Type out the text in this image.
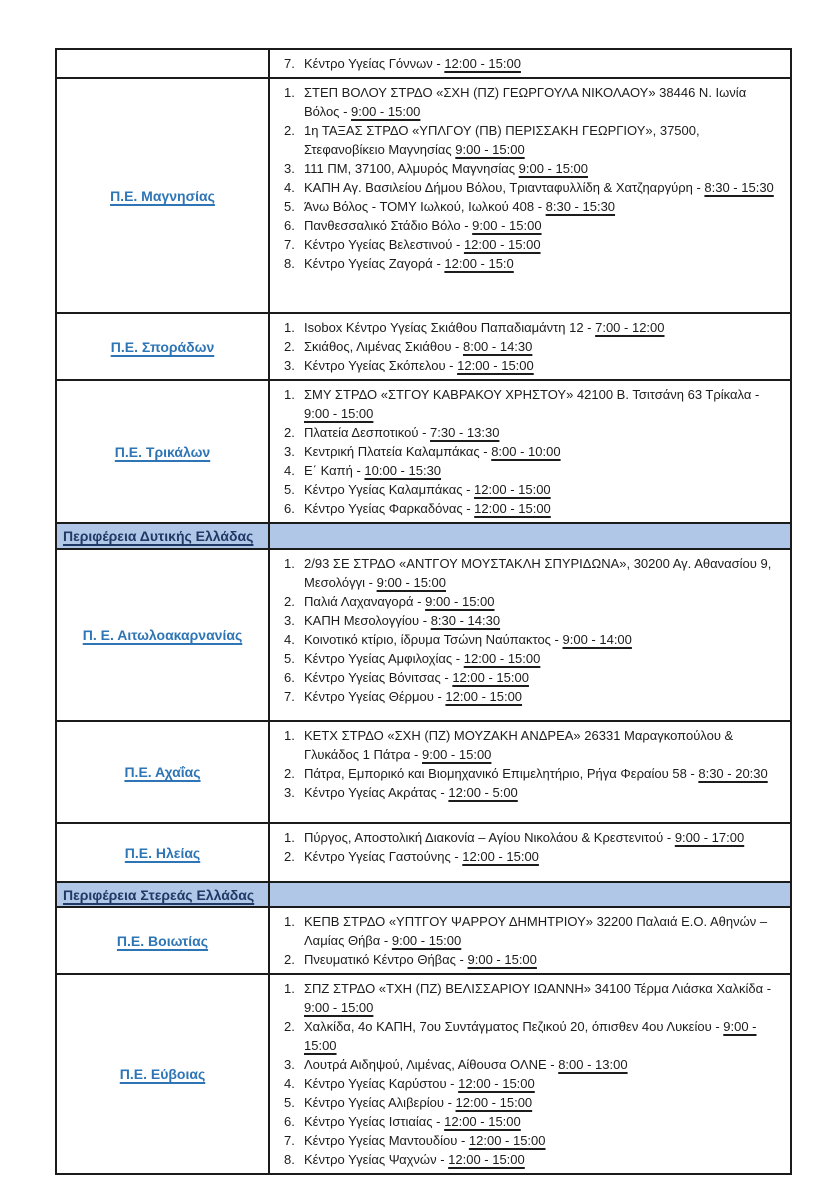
7. Κέντρο Υγείας Γόννων - 12:00 - 15:00
Π.Ε. Μαγνησίας
1. ΣΤΕΠ ΒΟΛΟΥ ΣΤΡΔΟ «ΣΧΗ (ΠΖ) ΓΕΩΡΓΟΥΛΑ ΝΙΚΟΛΑΟΥ» 38446 Ν. Ιωνία Βόλος - 9:00 - 15:00
2. 1η ΤΑΞΑΣ ΣΤΡΔΟ «ΥΠΛΓΟΥ (ΠΒ) ΠΕΡΙΣΣΑΚΗ ΓΕΩΡΓΙΟΥ», 37500, Στεφανοβίκειο Μαγνησίας 9:00 - 15:00
3. 111 ΠΜ, 37100, Αλμυρός Μαγνησίας 9:00 - 15:00
4. ΚΑΠΗ Αγ. Βασιλείου Δήμου Βόλου, Τριανταφυλλίδη & Χατζηαργύρη - 8:30 - 15:30
5. Άνω Βόλος - ΤΟΜΥ Ιωλκού, Ιωλκού 408 - 8:30 - 15:30
6. Πανθεσσαλικό Στάδιο Βόλο - 9:00 - 15:00
7. Κέντρο Υγείας Βελεστινού - 12:00 - 15:00
8. Κέντρο Υγείας Ζαγορά - 12:00 - 15:0
Π.Ε. Σποράδων
1. Isobox Κέντρο Υγείας Σκιάθου Παπαδιαμάντη 12 - 7:00 - 12:00
2. Σκιάθος, Λιμένας Σκιάθου - 8:00 - 14:30
3. Κέντρο Υγείας Σκόπελου - 12:00 - 15:00
Π.Ε. Τρικάλων
1. ΣΜΥ ΣΤΡΔΟ «ΣΤΓΟΥ ΚΑΒΡΑΚΟΥ ΧΡΗΣΤΟΥ» 42100 Β. Τσιτσάνη 63 Τρίκαλα - 9:00 - 15:00
2. Πλατεία Δεσποτικού - 7:30 - 13:30
3. Κεντρική Πλατεία Καλαμπάκας - 8:00 - 10:00
4. Ε΄ Καπή - 10:00 - 15:30
5. Κέντρο Υγείας Καλαμπάκας - 12:00 - 15:00
6. Κέντρο Υγείας Φαρκαδόνας - 12:00 - 15:00
Περιφέρεια Δυτικής Ελλάδας
Π. Ε. Αιτωλοακαρνανίας
1. 2/93 ΣΕ ΣΤΡΔΟ «ΑΝΤΓΟΥ ΜΟΥΣΤΑΚΛΗ ΣΠΥΡΙΔΩΝΑ», 30200 Αγ. Αθανασίου 9, Μεσολόγγι - 9:00 - 15:00
2. Παλιά Λαχαναγορά - 9:00 - 15:00
3. ΚΑΠΗ Μεσολογγίου - 8:30 - 14:30
4. Κοινοτικό κτίριο, ίδρυμα Τσώνη Ναύπακτος - 9:00 - 14:00
5. Κέντρο Υγείας Αμφιλοχίας - 12:00 - 15:00
6. Κέντρο Υγείας Βόνιτσας - 12:00 - 15:00
7. Κέντρο Υγείας Θέρμου - 12:00 - 15:00
Π.Ε. Αχαΐας
1. ΚΕΤΧ ΣΤΡΔΟ «ΣΧΗ (ΠΖ) ΜΟΥΖΑΚΗ ΑΝΔΡΕΑ» 26331 Μαραγκοπούλου & Γλυκάδος 1 Πάτρα - 9:00 - 15:00
2. Πάτρα, Εμπορικό και Βιομηχανικό Επιμελητήριο, Ρήγα Φεραίου 58 - 8:30 - 20:30
3. Κέντρο Υγείας Ακράτας - 12:00 - 5:00
Π.Ε. Ηλείας
1. Πύργος, Αποστολική Διακονία – Αγίου Νικολάου & Κρεστενιτού - 9:00 - 17:00
2. Κέντρο Υγείας Γαστούνης - 12:00 - 15:00
Περιφέρεια Στερεάς Ελλάδας
Π.Ε. Βοιωτίας
1. ΚΕΠΒ ΣΤΡΔΟ «ΥΠΤΓΟΥ ΨΑΡΡΟΥ ΔΗΜΗΤΡΙΟΥ» 32200 Παλαιά Ε.Ο. Αθηνών – Λαμίας Θήβα - 9:00 - 15:00
2. Πνευματικό Κέντρο Θήβας - 9:00 - 15:00
Π.Ε. Εύβοιας
1. ΣΠΖ ΣΤΡΔΟ «ΤΧΗ (ΠΖ) ΒΕΛΙΣΣΑΡΙΟΥ ΙΩΑΝΝΗ» 34100 Τέρμα Λιάσκα Χαλκίδα - 9:00 - 15:00
2. Χαλκίδα, 4ο ΚΑΠΗ, 7ου Συντάγματος Πεζικού 20, όπισθεν 4ου Λυκείου - 9:00 - 15:00
3. Λουτρά Αιδηψού, Λιμένας, Αίθουσα ΟΛΝΕ - 8:00 - 13:00
4. Κέντρο Υγείας Καρύστου - 12:00 - 15:00
5. Κέντρο Υγείας Αλιβερίου - 12:00 - 15:00
6. Κέντρο Υγείας Ιστιαίας - 12:00 - 15:00
7. Κέντρο Υγείας Μαντουδίου - 12:00 - 15:00
8. Κέντρο Υγείας Ψαχνών - 12:00 - 15:00
